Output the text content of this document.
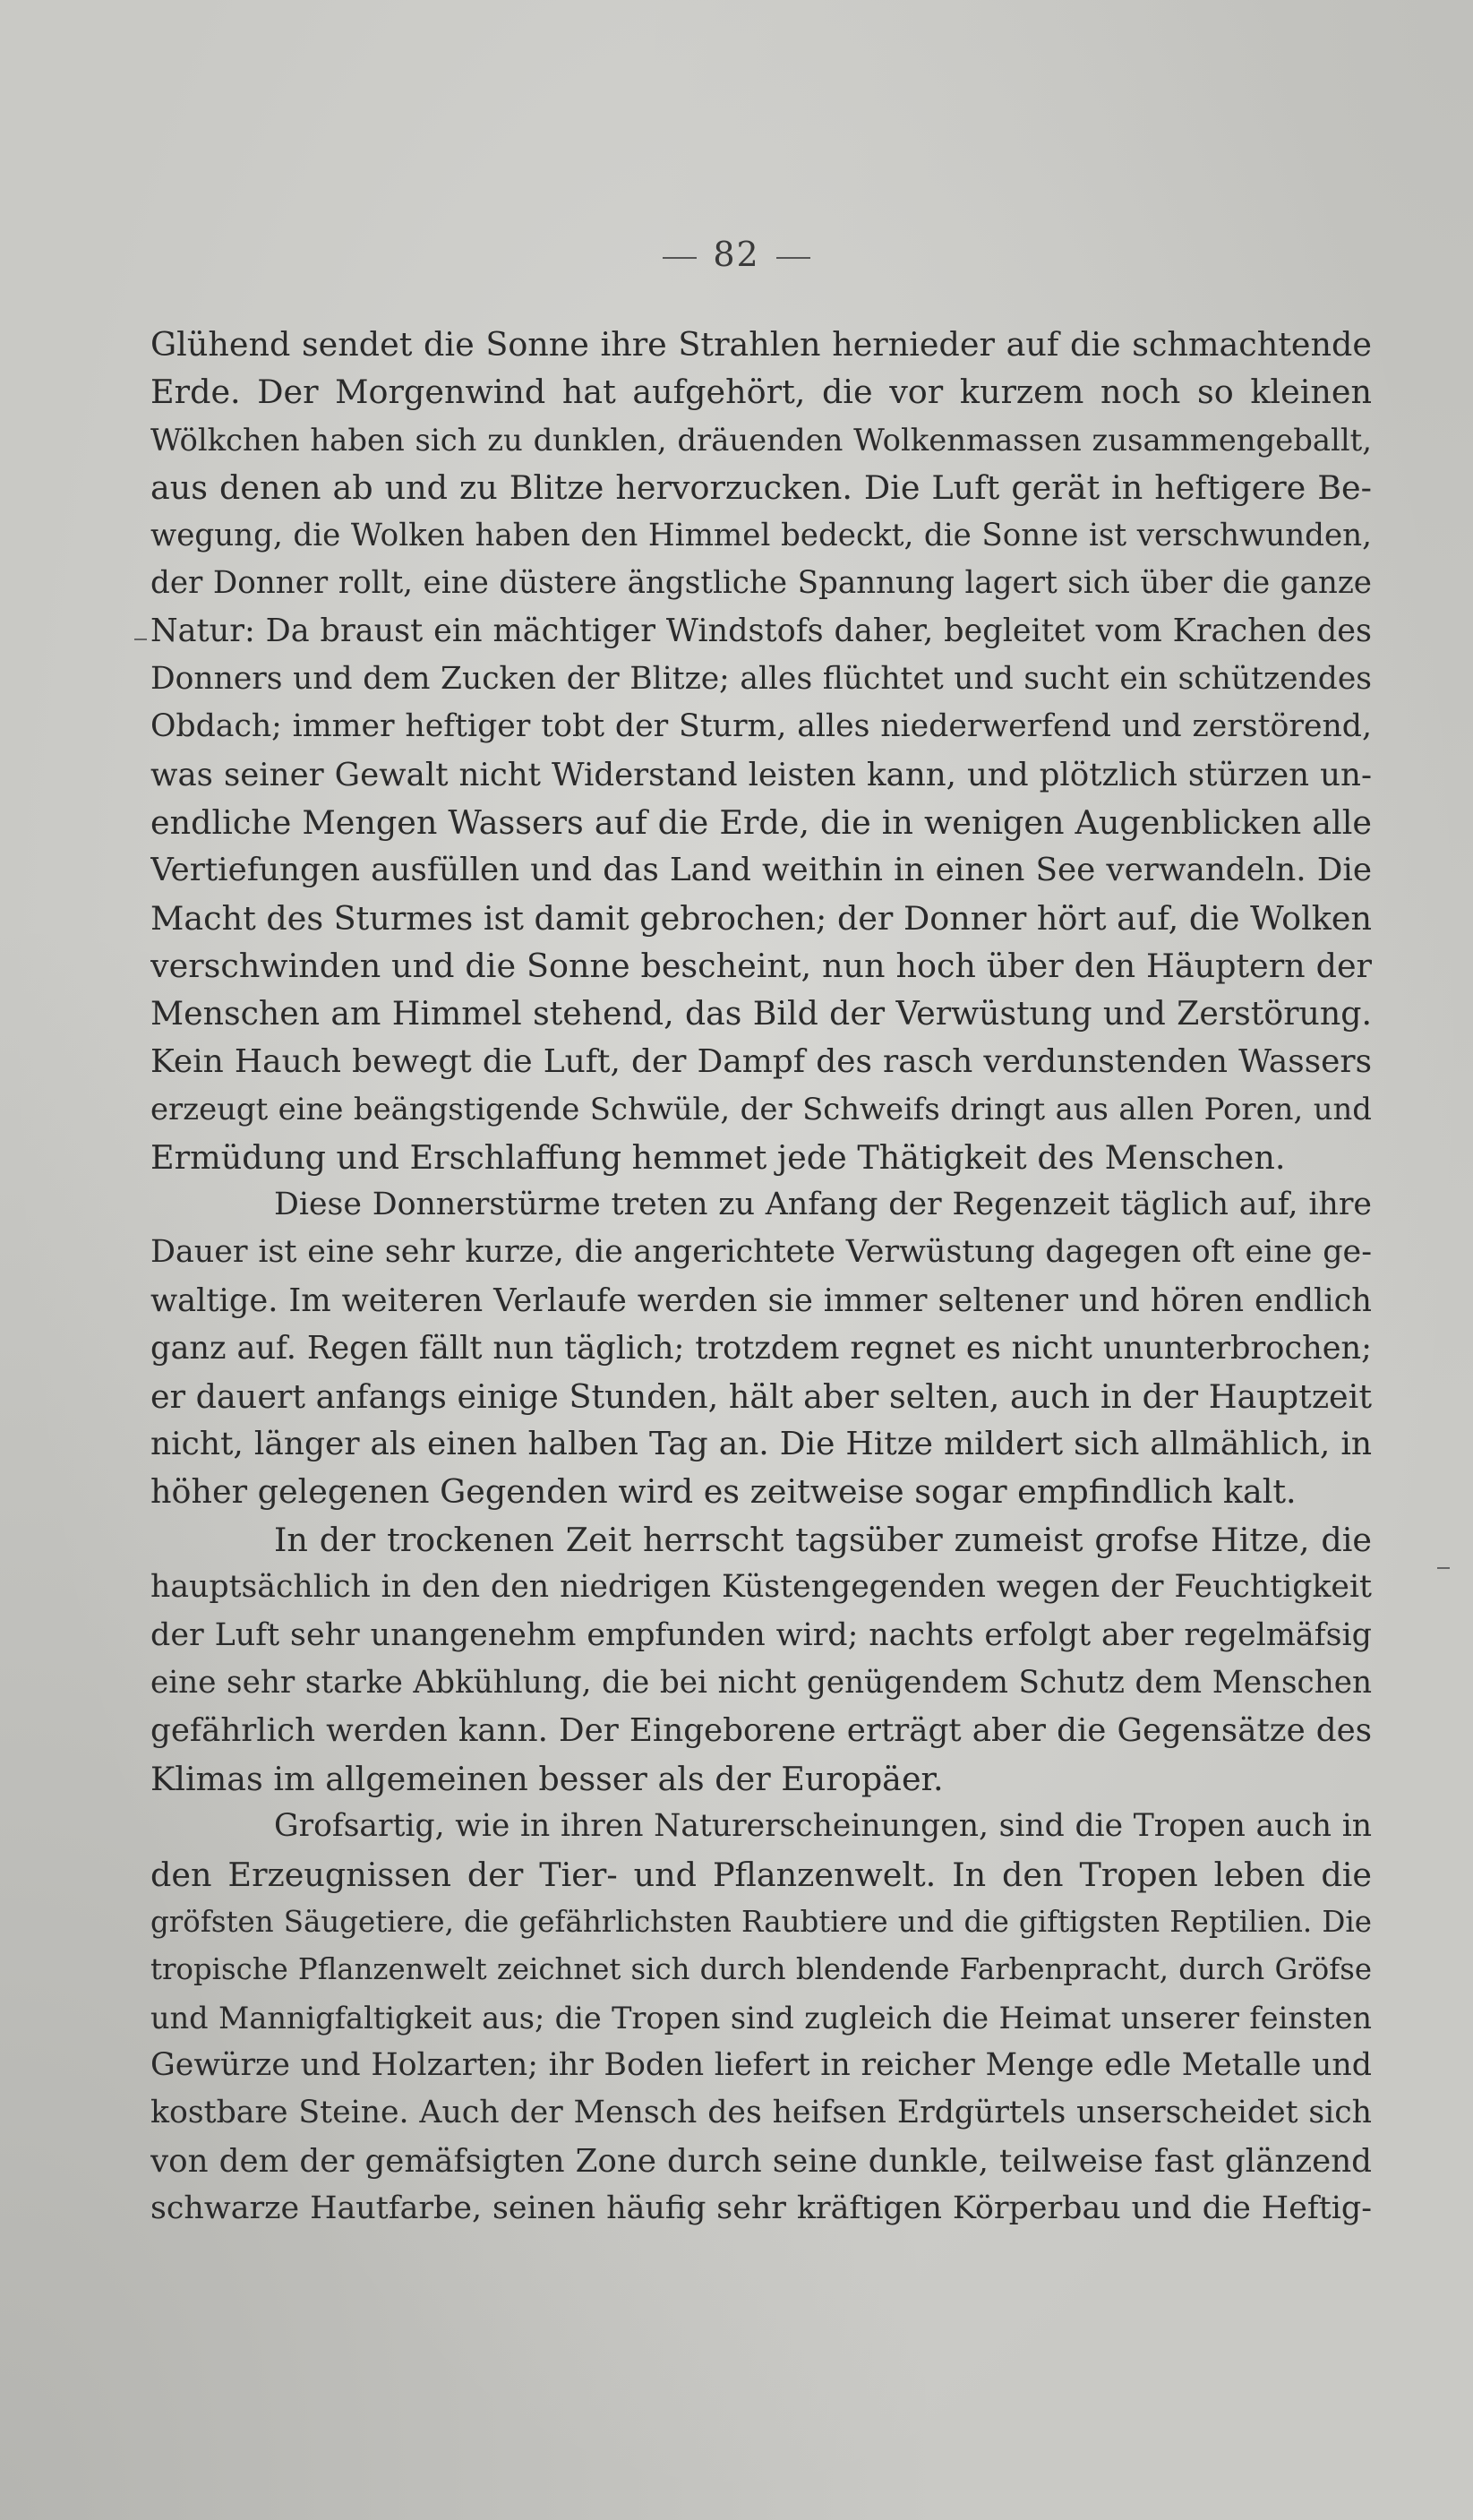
82
Glühend sendet die Sonne ihre Strahlen hernieder auf die schmachtende
Erde. Der Morgenwind hat aufgehört, die vor kurzem noch so kleinen
Wölkchen haben sich zu dunklen, dräuenden Wolkenmassen zusammengeballt,
aus denen ab und zu Blitze hervorzucken. Die Luft gerät in heftigere Be-
wegung, die Wolken haben den Himmel bedeckt, die Sonne ist verschwunden,
der Donner rollt, eine düstere ängstliche Spannung lagert sich über die ganze
Natur: Da braust ein mächtiger Windstofs daher, begleitet vom Krachen des
Donners und dem Zucken der Blitze; alles flüchtet und sucht ein schützendes
Obdach; immer heftiger tobt der Sturm, alles niederwerfend und zerstörend,
was seiner Gewalt nicht Widerstand leisten kann, und plötzlich stürzen un-
endliche Mengen Wassers auf die Erde, die in wenigen Augenblicken alle
Vertiefungen ausfüllen und das Land weithin in einen See verwandeln. Die
Macht des Sturmes ist damit gebrochen; der Donner hört auf, die Wolken
verschwinden und die Sonne bescheint, nun hoch über den Häuptern der
Menschen am Himmel stehend, das Bild der Verwüstung und Zerstörung.
Kein Hauch bewegt die Luft, der Dampf des rasch verdunstenden Wassers
erzeugt eine beängstigende Schwüle, der Schweifs dringt aus allen Poren, und
Ermüdung und Erschlaffung hemmet jede Thätigkeit des Menschen.
Diese Donnerstürme treten zu Anfang der Regenzeit täglich auf, ihre
Dauer ist eine sehr kurze, die angerichtete Verwüstung dagegen oft eine ge-
waltige. Im weiteren Verlaufe werden sie immer seltener und hören endlich
ganz auf. Regen fällt nun täglich; trotzdem regnet es nicht ununterbrochen;
er dauert anfangs einige Stunden, hält aber selten, auch in der Hauptzeit
nicht, länger als einen halben Tag an. Die Hitze mildert sich allmählich, in
höher gelegenen Gegenden wird es zeitweise sogar empfindlich kalt.
In der trockenen Zeit herrscht tagsüber zumeist grofse Hitze, die
hauptsächlich in den den niedrigen Küstengegenden wegen der Feuchtigkeit
der Luft sehr unangenehm empfunden wird; nachts erfolgt aber regelmäfsig
eine sehr starke Abkühlung, die bei nicht genügendem Schutz dem Menschen
gefährlich werden kann. Der Eingeborene erträgt aber die Gegensätze des
Klimas im allgemeinen besser als der Europäer.
Grofsartig, wie in ihren Naturerscheinungen, sind die Tropen auch in
den Erzeugnissen der Tier- und Pflanzenwelt. In den Tropen leben die
gröfsten Säugetiere, die gefährlichsten Raubtiere und die giftigsten Reptilien. Die
tropische Pflanzenwelt zeichnet sich durch blendende Farbenpracht, durch Gröfse
und Mannigfaltigkeit aus; die Tropen sind zugleich die Heimat unserer feinsten
Gewürze und Holzarten; ihr Boden liefert in reicher Menge edle Metalle und
kostbare Steine. Auch der Mensch des heifsen Erdgürtels unserscheidet sich
von dem der gemäfsigten Zone durch seine dunkle, teilweise fast glänzend
schwarze Hautfarbe, seinen häufig sehr kräftigen Körperbau und die Heftig-
